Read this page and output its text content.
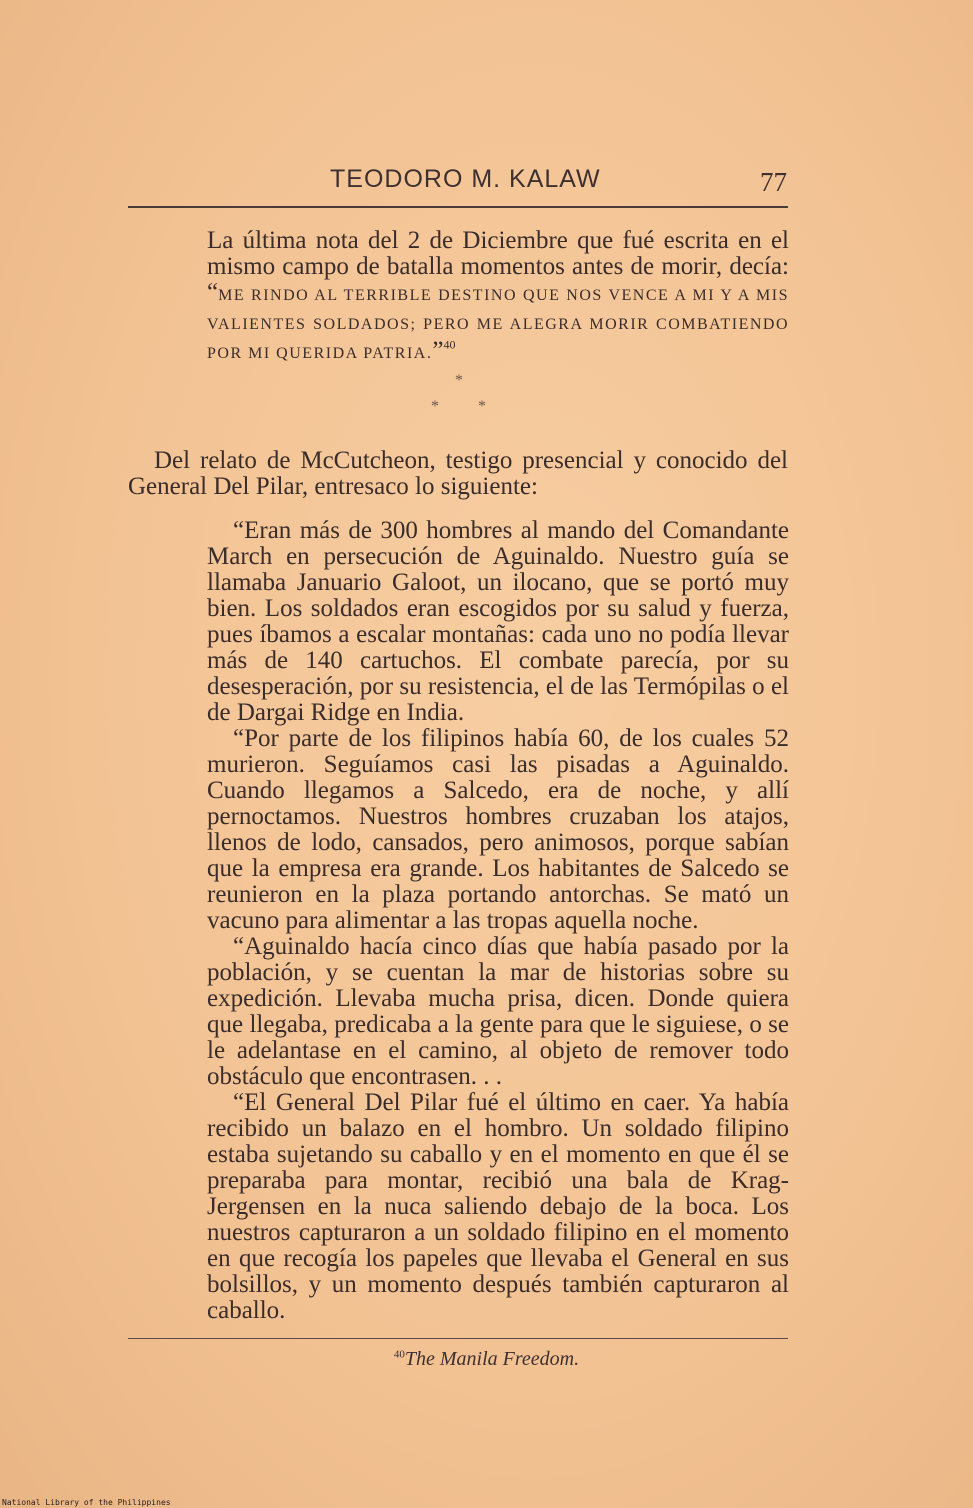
TEODORO M. KALAW	77
La última nota del 2 de Diciembre que fué escrita en el mismo campo de batalla momentos antes de morir, decía: “ME RINDO AL TERRIBLE DESTINO QUE NOS VENCE A MI Y A MIS VALIENTES SOLDADOS; PERO ME ALEGRA MORIR COMBATIENDO POR MI QUERIDA PATRIA.”$^{40}$
*
* *
Del relato de McCutcheon, testigo presencial y conocido del General Del Pilar, entresaco lo siguiente:

“Eran más de 300 hombres al mando del Comandante March en persecución de Aguinaldo. Nuestro guía se llamaba Januario Galoot, un ilocano, que se portó muy bien. Los soldados eran escogidos por su salud y fuerza, pues íbamos a escalar montañas: cada uno no podía llevar más de 140 cartuchos. El combate parecía, por su desesperación, por su resistencia, el de las Termópilas o el de Dargai Ridge en India.

“Por parte de los filipinos había 60, de los cuales 52 murieron. Seguíamos casi las pisadas a Aguinaldo. Cuando llegamos a Salcedo, era de noche, y allí pernoctamos. Nuestros hombres cruzaban los atajos, llenos de lodo, cansados, pero animosos, porque sabían que la empresa era grande. Los habitantes de Salcedo se reunieron en la plaza portando antorchas. Se mató un vacuno para alimentar a las tropas aquella noche.

“Aguinaldo hacía cinco días que había pasado por la población, y se cuentan la mar de historias sobre su expedición. Llevaba mucha prisa, dicen. Donde quiera que llegaba, predicaba a la gente para que le siguiese, o se le adelantase en el camino, al objeto de remover todo obstáculo que encontrasen. . .

“El General Del Pilar fué el último en caer. Ya había recibido un balazo en el hombro. Un soldado filipino estaba sujetando su caballo y en el momento en que él se preparaba para montar, recibió una bala de Krag-Jergensen en la nuca saliendo debajo de la boca. Los nuestros capturaron a un soldado filipino en el momento en que recogía los papeles que llevaba el General en sus bolsillos, y un momento después también capturaron al caballo.

$^{40}$The Manila Freedom.
National Library of the Philippines
